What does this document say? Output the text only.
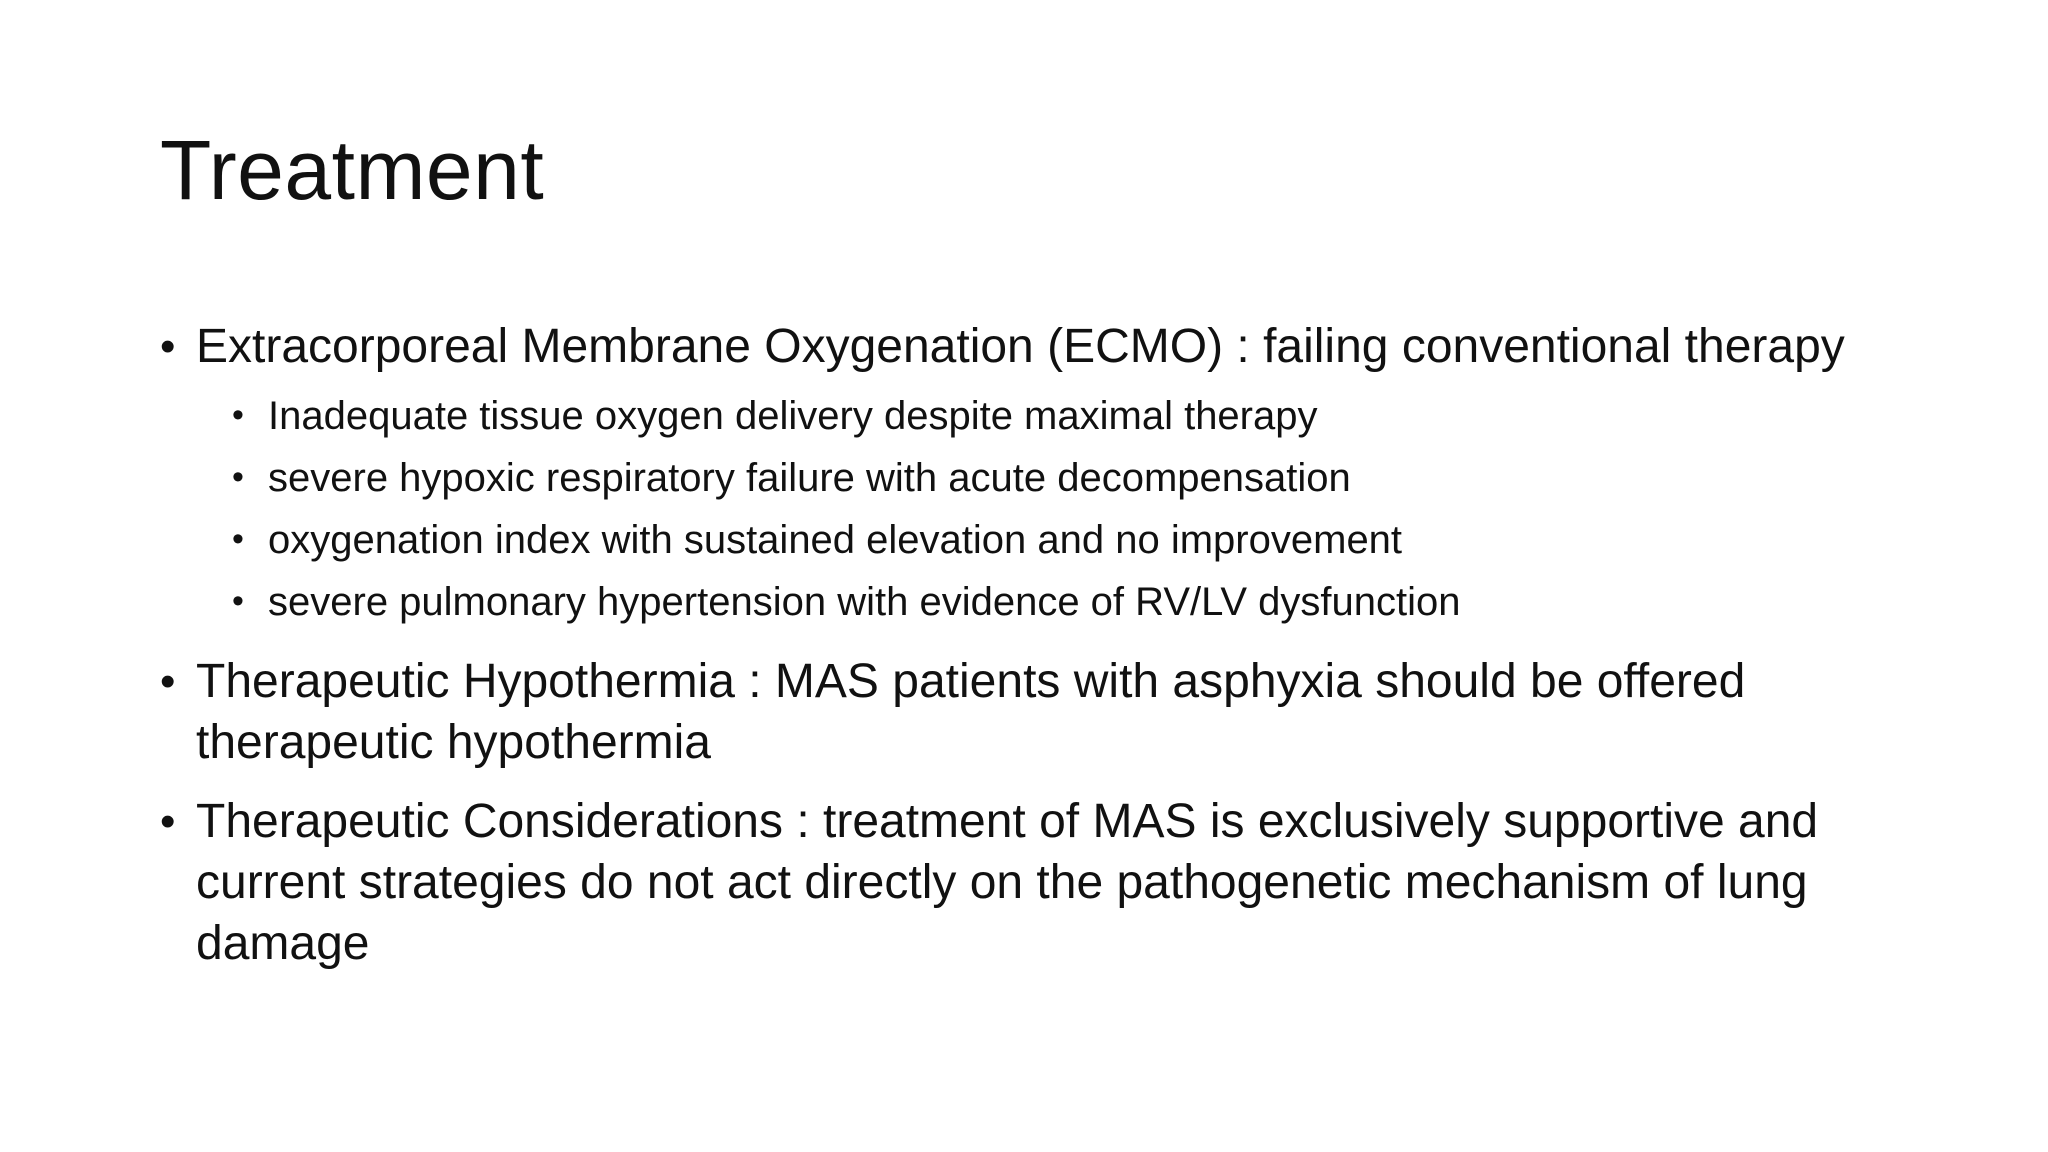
Treatment
• Extracorporeal Membrane Oxygenation (ECMO) : failing conventional therapy
• Inadequate tissue oxygen delivery despite maximal therapy
• severe hypoxic respiratory failure with acute decompensation
• oxygenation index with sustained elevation and no improvement
• severe pulmonary hypertension with evidence of RV/LV dysfunction
• Therapeutic Hypothermia : MAS patients with asphyxia should be offered therapeutic hypothermia
• Therapeutic Considerations : treatment of MAS is exclusively supportive and current strategies do not act directly on the pathogenetic mechanism of lung damage
